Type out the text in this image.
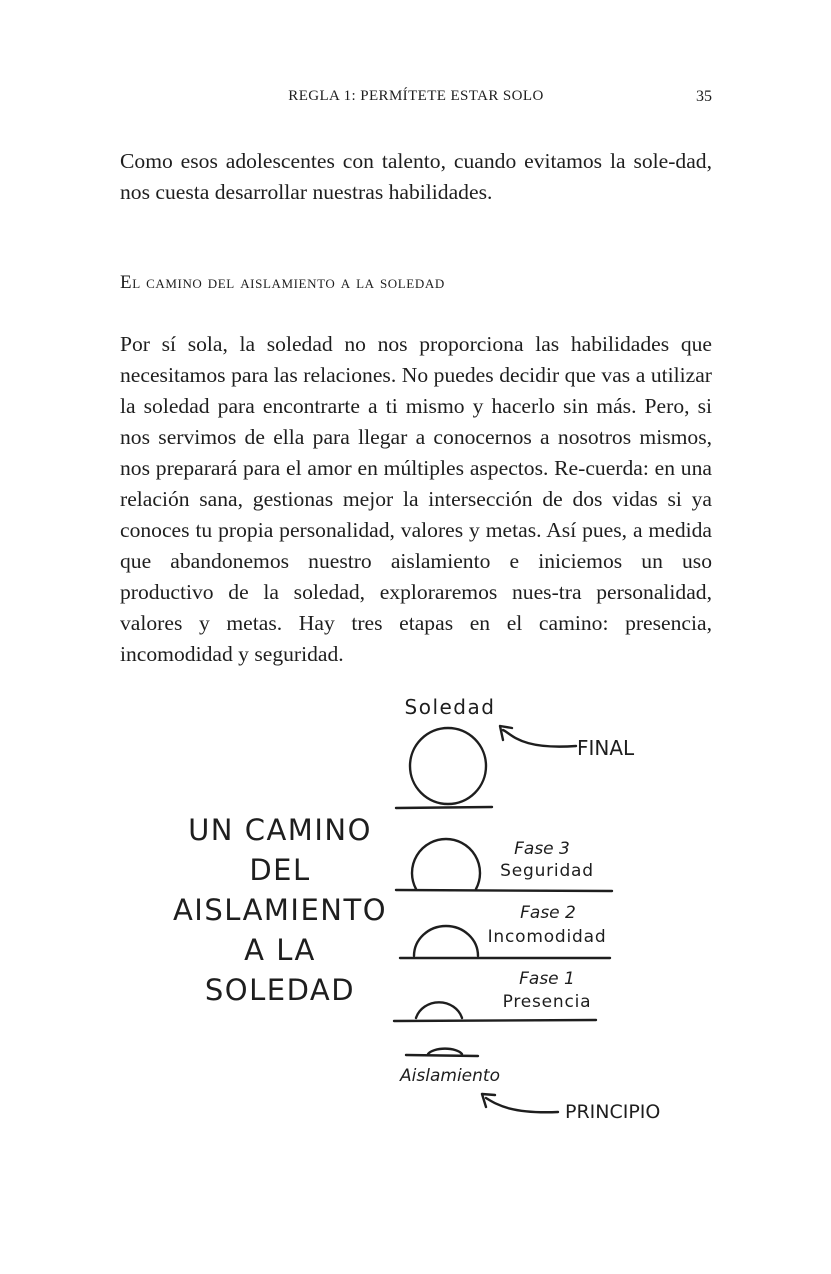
REGLA 1: PERMÍTETE ESTAR SOLO	35

Como esos adolescentes con talento, cuando evitamos la sole-dad, nos cuesta desarrollar nuestras habilidades.

El camino del aislamiento a la soledad

Por sí sola, la soledad no nos proporciona las habilidades que necesitamos para las relaciones. No puedes decidir que vas a utilizar la soledad para encontrarte a ti mismo y hacerlo sin más. Pero, si nos servimos de ella para llegar a conocernos a nosotros mismos, nos preparará para el amor en múltiples aspectos. Re-cuerda: en una relación sana, gestionas mejor la intersección de dos vidas si ya conoces tu propia personalidad, valores y metas. Así pues, a medida que abandonemos nuestro aislamiento e iniciemos un uso productivo de la soledad, exploraremos nues-tra personalidad, valores y metas. Hay tres etapas en el camino: presencia, incomodidad y seguridad.

UN CAMINO
DEL
AISLAMIENTO
A LA
SOLEDAD
Soledad
FINAL
Fase 3
Seguridad
Fase 2
Incomodidad
Fase 1
Presencia
Aislamiento
PRINCIPIO
